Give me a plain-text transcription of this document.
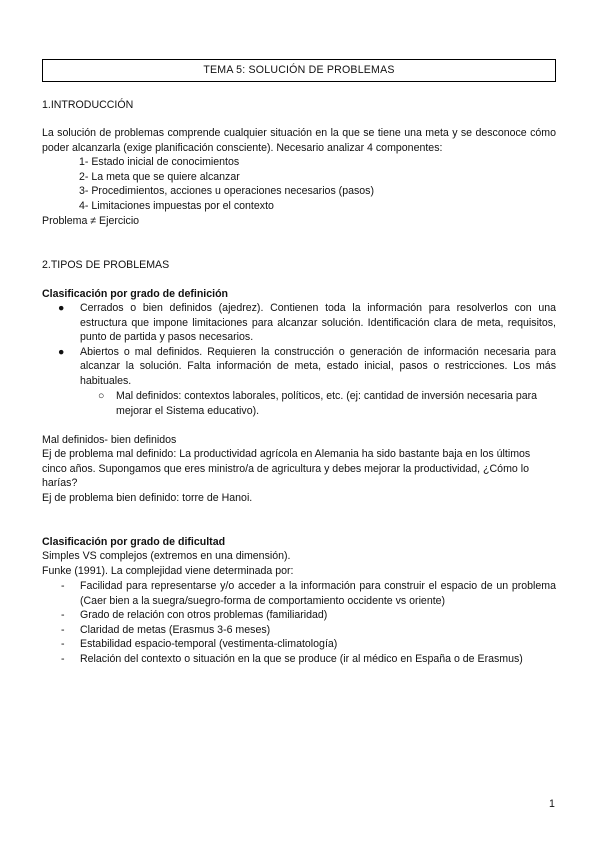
TEMA 5: SOLUCIÓN DE PROBLEMAS
1.INTRODUCCIÓN
La solución de problemas comprende cualquier situación en la que se tiene una meta y se desconoce cómo poder alcanzarla (exige planificación consciente). Necesario analizar 4 componentes:
1- Estado inicial de conocimientos
2- La meta que se quiere alcanzar
3- Procedimientos, acciones u operaciones necesarios (pasos)
4- Limitaciones impuestas por el contexto
Problema ≠ Ejercicio
2.TIPOS DE PROBLEMAS
Clasificación por grado de definición
● Cerrados o bien definidos (ajedrez). Contienen toda la información para resolverlos con una estructura que impone limitaciones para alcanzar solución. Identificación clara de meta, requisitos, punto de partida y pasos necesarios.
● Abiertos o mal definidos. Requieren la construcción o generación de información necesaria para alcanzar la solución. Falta información de meta, estado inicial, pasos o restricciones. Los más habituales.
○ Mal definidos: contextos laborales, políticos, etc. (ej: cantidad de inversión necesaria para mejorar el Sistema educativo).
Mal definidos- bien definidos
Ej de problema mal definido: La productividad agrícola en Alemania ha sido bastante baja en los últimos cinco años. Supongamos que eres ministro/a de agricultura y debes mejorar la productividad, ¿Cómo lo harías?
Ej de problema bien definido: torre de Hanoi.
Clasificación por grado de dificultad
Simples VS complejos (extremos en una dimensión).
Funke (1991). La complejidad viene determinada por:
- Facilidad para representarse y/o acceder a la información para construir el espacio de un problema (Caer bien a la suegra/suegro-forma de comportamiento occidente vs oriente)
- Grado de relación con otros problemas (familiaridad)
- Claridad de metas (Erasmus 3-6 meses)
- Estabilidad espacio-temporal (vestimenta-climatología)
- Relación del contexto o situación en la que se produce (ir al médico en España o de Erasmus)
1
